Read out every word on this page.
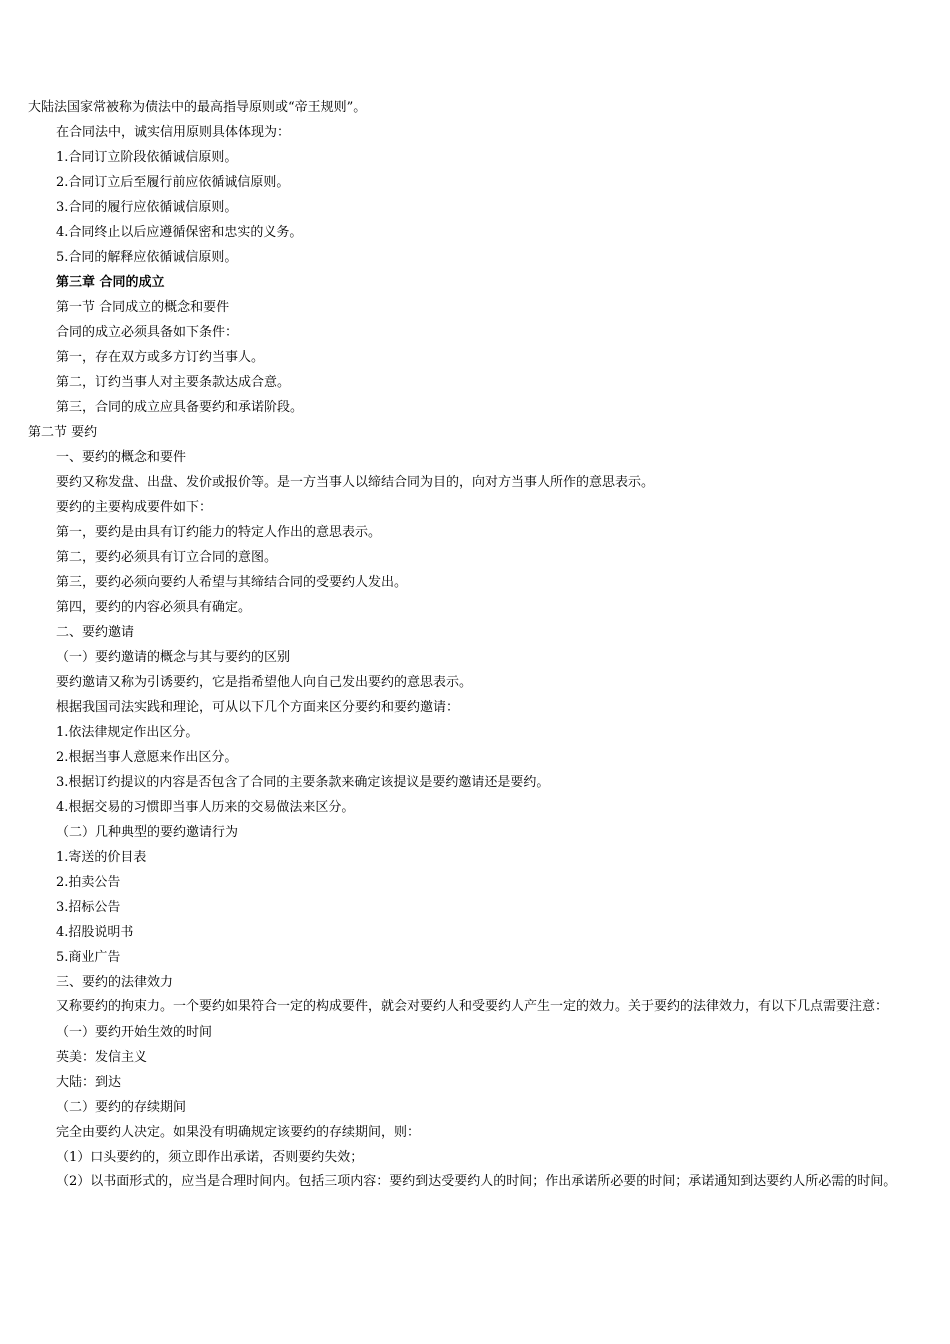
大陆法国家常被称为债法中的最高指导原则或“帝王规则”。
在合同法中，诚实信用原则具体体现为：
1.合同订立阶段依循诚信原则。
2.合同订立后至履行前应依循诚信原则。
3.合同的履行应依循诚信原则。
4.合同终止以后应遵循保密和忠实的义务。
5.合同的解释应依循诚信原则。
第三章 合同的成立
第一节 合同成立的概念和要件
合同的成立必须具备如下条件：
第一，存在双方或多方订约当事人。
第二，订约当事人对主要条款达成合意。
第三，合同的成立应具备要约和承诺阶段。
第二节 要约
一、要约的概念和要件
要约又称发盘、出盘、发价或报价等。是一方当事人以缔结合同为目的，向对方当事人所作的意思表示。
要约的主要构成要件如下：
第一，要约是由具有订约能力的特定人作出的意思表示。
第二，要约必须具有订立合同的意图。
第三，要约必须向要约人希望与其缔结合同的受要约人发出。
第四，要约的内容必须具有确定。
二、要约邀请
（一）要约邀请的概念与其与要约的区别
要约邀请又称为引诱要约，它是指希望他人向自己发出要约的意思表示。
根据我国司法实践和理论，可从以下几个方面来区分要约和要约邀请：
1.依法律规定作出区分。
2.根据当事人意愿来作出区分。
3.根据订约提议的内容是否包含了合同的主要条款来确定该提议是要约邀请还是要约。
4.根据交易的习惯即当事人历来的交易做法来区分。
（二）几种典型的要约邀请行为
1.寄送的价目表
2.拍卖公告
3.招标公告
4.招股说明书
5.商业广告
三、要约的法律效力
又称要约的拘束力。一个要约如果符合一定的构成要件，就会对要约人和受要约人产生一定的效力。关于要约的法律效力，有以下几点需要注意：
（一）要约开始生效的时间
英美：发信主义
大陆：到达
（二）要约的存续期间
完全由要约人决定。如果没有明确规定该要约的存续期间，则：
（1）口头要约的，须立即作出承诺，否则要约失效；
（2）以书面形式的，应当是合理时间内。包括三项内容：要约到达受要约人的时间；作出承诺所必要的时间；承诺通知到达要约人所必需的时间。
